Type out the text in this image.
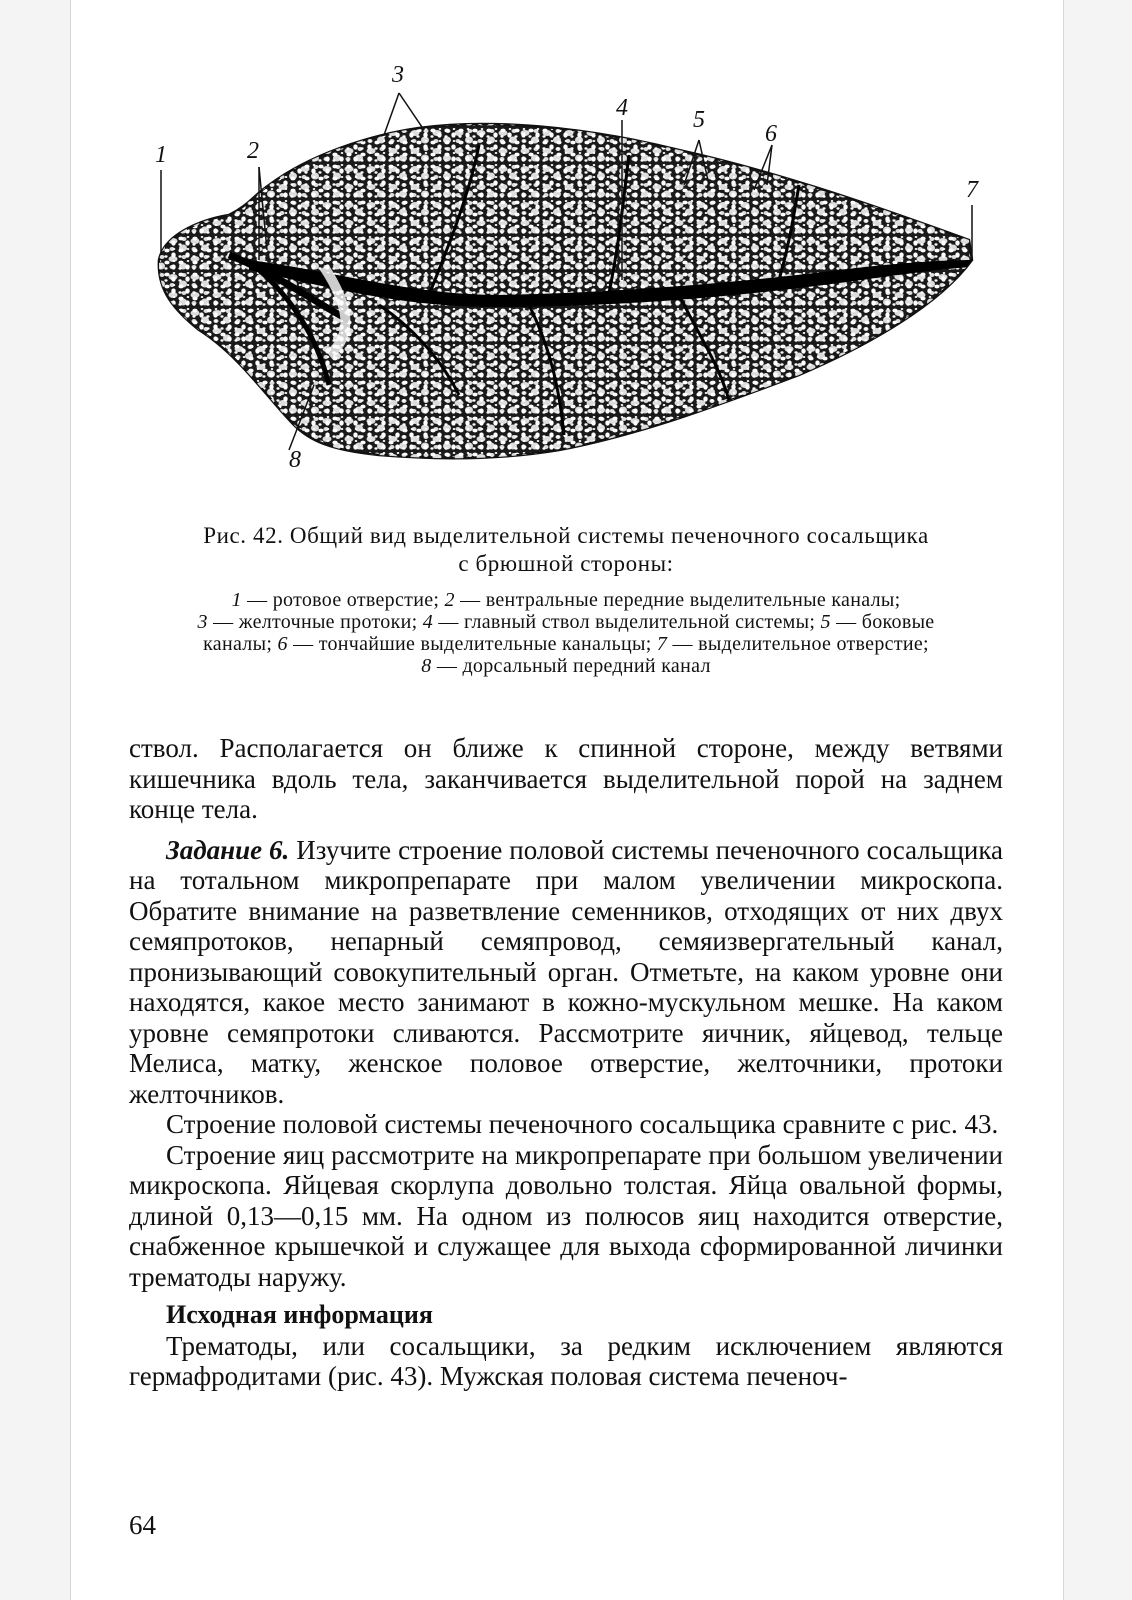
1	2
3
4	5
6
7
8
Рис. 42. Общий вид выделительной системы печеночного сосальщика
с брюшной стороны:
1 — ротовое отверстие; 2 — вентральные передние выделительные каналы;
3 — желточные протоки; 4 — главный ствол выделительной системы; 5 — боковые
каналы; 6 — тончайшие выделительные канальцы; 7 — выделительное отверстие;
8 — дорсальный передний канал

ствол. Располагается он ближе к спинной стороне, между ветвями кишечника вдоль тела, заканчивается выделительной порой на заднем конце тела.

Задание 6. Изучите строение половой системы печеночного сосальщика на тотальном микропрепарате при малом увеличении микроскопа. Обратите внимание на разветвление семенников, отходящих от них двух семяпротоков, непарный семяпровод, семяизвергательный канал, пронизывающий совокупительный орган. Отметьте, на каком уровне они находятся, какое место занимают в кожно-мускульном мешке. На каком уровне семяпротоки сливаются. Рассмотрите яичник, яйцевод, тельце Мелиса, матку, женское половое отверстие, желточники, протоки желточников.

Строение половой системы печеночного сосальщика сравните с рис. 43.

Строение яиц рассмотрите на микропрепарате при большом увеличении микроскопа. Яйцевая скорлупа довольно толстая. Яйца овальной формы, длиной 0,13—0,15 мм. На одном из полюсов яиц находится отверстие, снабженное крышечкой и служащее для выхода сформированной личинки трематоды наружу.

Исходная информация

Трематоды, или сосальщики, за редким исключением являются гермафродитами (рис. 43). Мужская половая система печеноч-

64
